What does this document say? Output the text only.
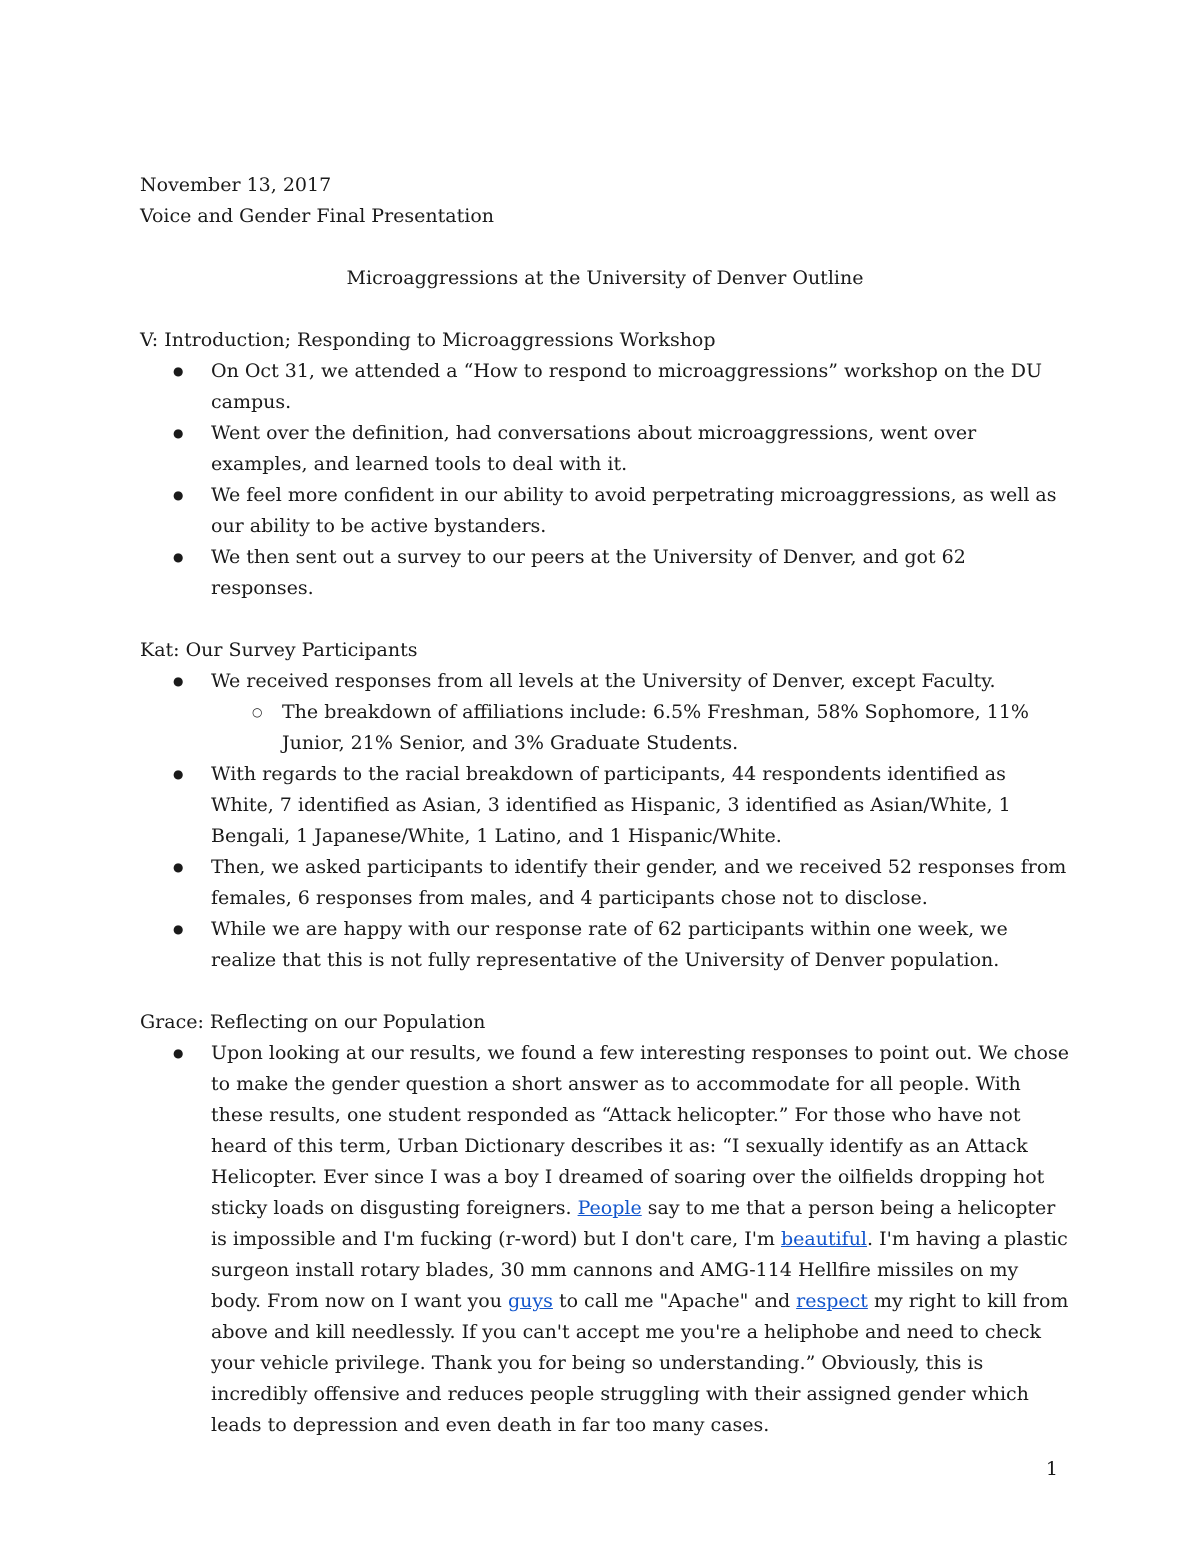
November 13, 2017
Voice and Gender Final Presentation
Microaggressions at the University of Denver Outline
V: Introduction; Responding to Microaggressions Workshop
● On Oct 31, we attended a “How to respond to microaggressions” workshop on the DU campus.
● Went over the definition, had conversations about microaggressions, went over examples, and learned tools to deal with it.
● We feel more confident in our ability to avoid perpetrating microaggressions, as well as our ability to be active bystanders.
● We then sent out a survey to our peers at the University of Denver, and got 62 responses.
Kat: Our Survey Participants
● We received responses from all levels at the University of Denver, except Faculty.
○ The breakdown of affiliations include: 6.5% Freshman, 58% Sophomore, 11% Junior, 21% Senior, and 3% Graduate Students.
● With regards to the racial breakdown of participants, 44 respondents identified as White, 7 identified as Asian, 3 identified as Hispanic, 3 identified as Asian/White, 1 Bengali, 1 Japanese/White, 1 Latino, and 1 Hispanic/White.
● Then, we asked participants to identify their gender, and we received 52 responses from females, 6 responses from males, and 4 participants chose not to disclose.
● While we are happy with our response rate of 62 participants within one week, we realize that this is not fully representative of the University of Denver population.
Grace: Reflecting on our Population
● Upon looking at our results, we found a few interesting responses to point out. We chose to make the gender question a short answer as to accommodate for all people. With these results, one student responded as “Attack helicopter.” For those who have not heard of this term, Urban Dictionary describes it as: “I sexually identify as an Attack Helicopter. Ever since I was a boy I dreamed of soaring over the oilfields dropping hot sticky loads on disgusting foreigners. People say to me that a person being a helicopter is impossible and I'm fucking (r-word) but I don't care, I'm beautiful. I'm having a plastic surgeon install rotary blades, 30 mm cannons and AMG-114 Hellfire missiles on my body. From now on I want you guys to call me "Apache" and respect my right to kill from above and kill needlessly. If you can't accept me you're a heliphobe and need to check your vehicle privilege. Thank you for being so understanding.” Obviously, this is incredibly offensive and reduces people struggling with their assigned gender which leads to depression and even death in far too many cases.
1
